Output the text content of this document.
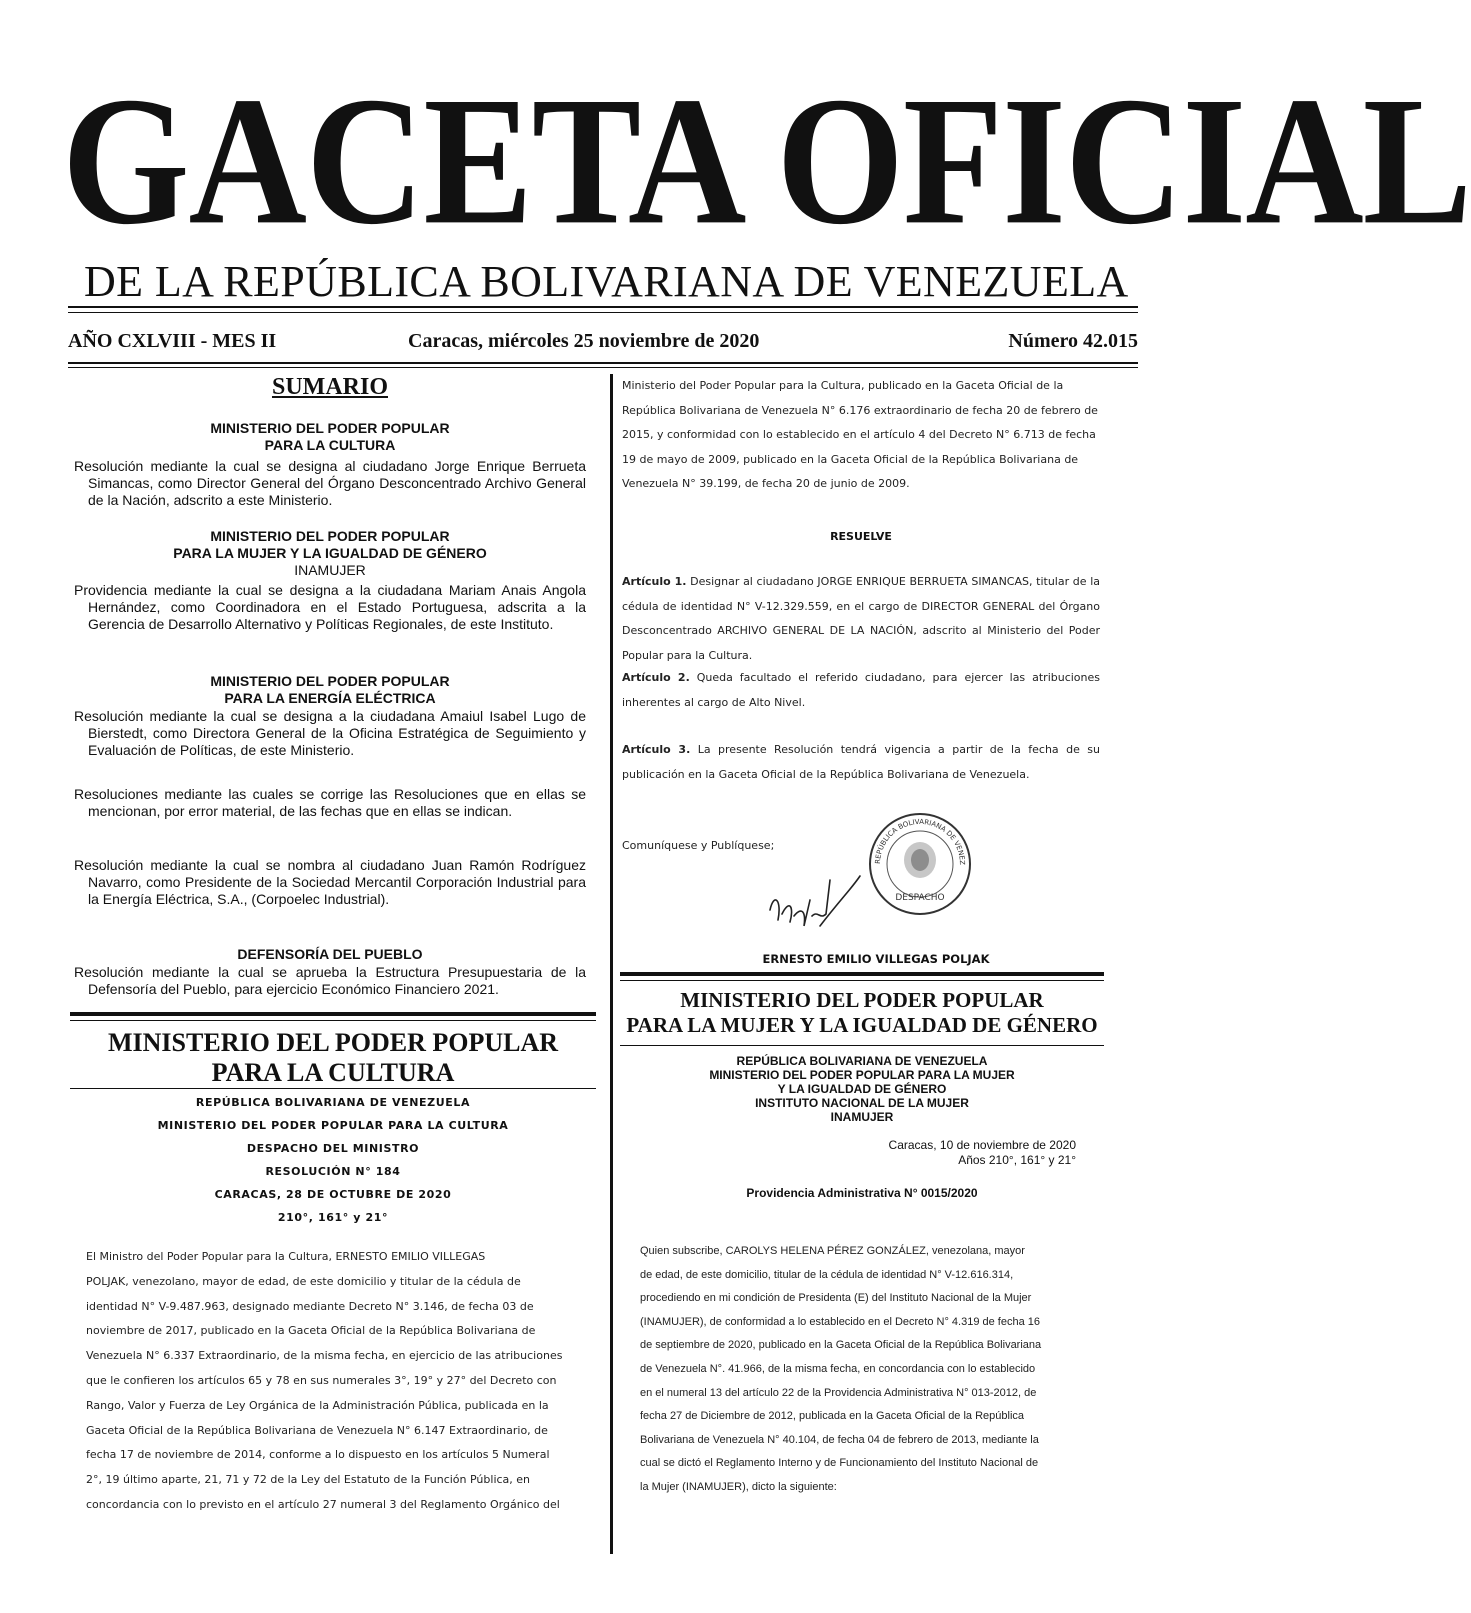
GACETA OFICIAL
DE LA REPÚBLICA BOLIVARIANA DE VENEZUELA
AÑO CXLVIII - MES II	Caracas, miércoles 25 noviembre de 2020	Número 42.015
SUMARIO
MINISTERIO DEL PODER POPULAR
PARA LA CULTURA
Resolución mediante la cual se designa al ciudadano Jorge Enrique Berrueta Simancas, como Director General del Órgano Desconcentrado Archivo General de la Nación, adscrito a este Ministerio.
MINISTERIO DEL PODER POPULAR
PARA LA MUJER Y LA IGUALDAD DE GÉNERO
INAMUJER
Providencia mediante la cual se designa a la ciudadana Mariam Anais Angola Hernández, como Coordinadora en el Estado Portuguesa, adscrita a la Gerencia de Desarrollo Alternativo y Políticas Regionales, de este Instituto.
MINISTERIO DEL PODER POPULAR
PARA LA ENERGÍA ELÉCTRICA
Resolución mediante la cual se designa a la ciudadana Amaiul Isabel Lugo de Bierstedt, como Directora General de la Oficina Estratégica de Seguimiento y Evaluación de Políticas, de este Ministerio.
Resoluciones mediante las cuales se corrige las Resoluciones que en ellas se mencionan, por error material, de las fechas que en ellas se indican.
Resolución mediante la cual se nombra al ciudadano Juan Ramón Rodríguez Navarro, como Presidente de la Sociedad Mercantil Corporación Industrial para la Energía Eléctrica, S.A., (Corpoelec Industrial).
DEFENSORÍA DEL PUEBLO
Resolución mediante la cual se aprueba la Estructura Presupuestaria de la Defensoría del Pueblo, para ejercicio Económico Financiero 2021.
MINISTERIO DEL PODER POPULAR
PARA LA CULTURA
REPÚBLICA BOLIVARIANA DE VENEZUELA
MINISTERIO DEL PODER POPULAR PARA LA CULTURA
DESPACHO DEL MINISTRO
RESOLUCIÓN N° 184
CARACAS, 28 DE OCTUBRE DE 2020
210°, 161° y 21°
El Ministro del Poder Popular para la Cultura, ERNESTO EMILIO VILLEGAS
POLJAK, venezolano, mayor de edad, de este domicilio y titular de la cédula de
identidad N° V-9.487.963, designado mediante Decreto N° 3.146, de fecha 03 de
noviembre de 2017, publicado en la Gaceta Oficial de la República Bolivariana de
Venezuela N° 6.337 Extraordinario, de la misma fecha, en ejercicio de las atribuciones
que le confieren los artículos 65 y 78 en sus numerales 3°, 19° y 27° del Decreto con
Rango, Valor y Fuerza de Ley Orgánica de la Administración Pública, publicada en la
Gaceta Oficial de la República Bolivariana de Venezuela N° 6.147 Extraordinario, de
fecha 17 de noviembre de 2014, conforme a lo dispuesto en los artículos 5 Numeral
2°, 19 último aparte, 21, 71 y 72 de la Ley del Estatuto de la Función Pública, en
concordancia con lo previsto en el artículo 27 numeral 3 del Reglamento Orgánico del
Ministerio del Poder Popular para la Cultura, publicado en la Gaceta Oficial de la
República Bolivariana de Venezuela N° 6.176 extraordinario de fecha 20 de febrero de
2015, y conformidad con lo establecido en el artículo 4 del Decreto N° 6.713 de fecha
19 de mayo de 2009, publicado en la Gaceta Oficial de la República Bolivariana de
Venezuela N° 39.199, de fecha 20 de junio de 2009.
RESUELVE
Artículo 1. Designar al ciudadano JORGE ENRIQUE BERRUETA SIMANCAS, titular de la cédula de identidad N° V-12.329.559, en el cargo de DIRECTOR GENERAL del Órgano Desconcentrado ARCHIVO GENERAL DE LA NACIÓN, adscrito al Ministerio del Poder Popular para la Cultura.
Artículo 2. Queda facultado el referido ciudadano, para ejercer las atribuciones inherentes al cargo de Alto Nivel.
Artículo 3. La presente Resolución tendrá vigencia a partir de la fecha de su publicación en la Gaceta Oficial de la República Bolivariana de Venezuela.
Comuníquese y Publíquese;
REPÚBLICA BOLIVARIANA DE VENEZ
DESPACHO
ERNESTO EMILIO VILLEGAS POLJAK
MINISTERIO DEL PODER POPULAR
PARA LA MUJER Y LA IGUALDAD DE GÉNERO
REPÚBLICA BOLIVARIANA DE VENEZUELA
MINISTERIO DEL PODER POPULAR PARA LA MUJER
Y LA IGUALDAD DE GÉNERO
INSTITUTO NACIONAL DE LA MUJER
INAMUJER
Caracas, 10 de noviembre de 2020
Años 210°, 161° y 21°
Providencia Administrativa N° 0015/2020
Quien subscribe, CAROLYS HELENA PÉREZ GONZÁLEZ, venezolana, mayor
de edad, de este domicilio, titular de la cédula de identidad N° V-12.616.314,
procediendo en mi condición de Presidenta (E) del Instituto Nacional de la Mujer
(INAMUJER), de conformidad a lo establecido en el Decreto N° 4.319 de fecha 16
de septiembre de 2020, publicado en la Gaceta Oficial de la República Bolivariana
de Venezuela N°. 41.966, de la misma fecha, en concordancia con lo establecido
en el numeral 13 del artículo 22 de la Providencia Administrativa N° 013-2012, de
fecha 27 de Diciembre de 2012, publicada en la Gaceta Oficial de la República
Bolivariana de Venezuela N° 40.104, de fecha 04 de febrero de 2013, mediante la
cual se dictó el Reglamento Interno y de Funcionamiento del Instituto Nacional de
la Mujer (INAMUJER), dicto la siguiente:
